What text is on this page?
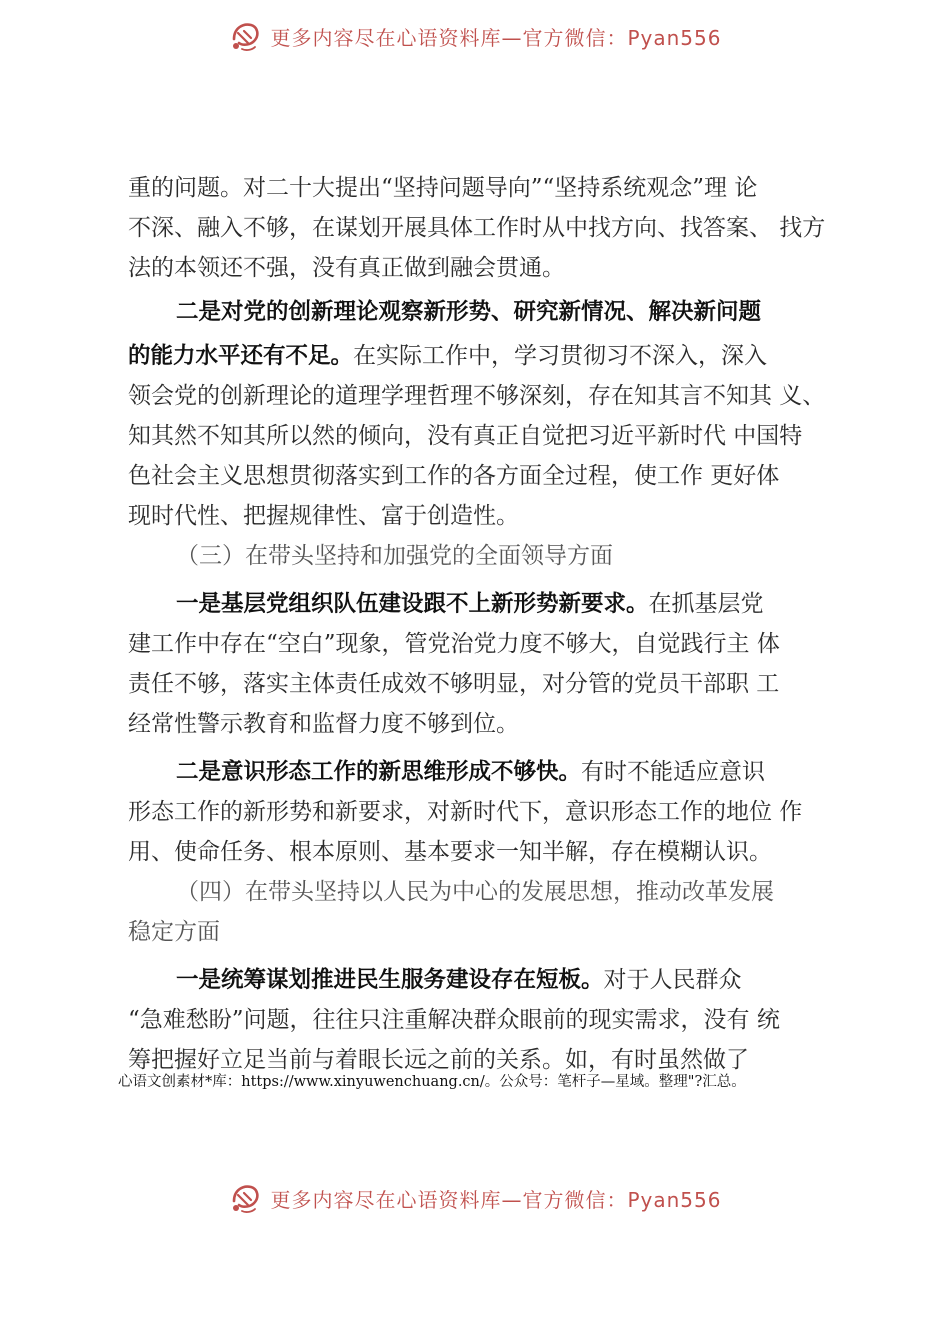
更多内容尽在心语资料库—官方微信：Pyan556
重的问题。对二十大提出“坚持问题导向”“坚持系统观念”理 论
不深、融入不够，在谋划开展具体工作时从中找方向、找答案、 找方
法的本领还不强，没有真正做到融会贯通。
二是对党的创新理论观察新形势、研究新情况、解决新问题
的能力水平还有不足。在实际工作中，学习贯彻习不深入，深入
领会党的创新理论的道理学理哲理不够深刻，存在知其言不知其 义、
知其然不知其所以然的倾向，没有真正自觉把习近平新时代 中国特
色社会主义思想贯彻落实到工作的各方面全过程，使工作 更好体
现时代性、把握规律性、富于创造性。
（三）在带头坚持和加强党的全面领导方面
一是基层党组织队伍建设跟不上新形势新要求。在抓基层党
建工作中存在“空白”现象，管党治党力度不够大，自觉践行主 体
责任不够，落实主体责任成效不够明显，对分管的党员干部职 工
经常性警示教育和监督力度不够到位。
二是意识形态工作的新思维形成不够快。有时不能适应意识
形态工作的新形势和新要求，对新时代下，意识形态工作的地位 作
用、使命任务、根本原则、基本要求一知半解，存在模糊认识。
（四）在带头坚持以人民为中心的发展思想，推动改革发展
稳定方面
一是统筹谋划推进民生服务建设存在短板。对于人民群众
“急难愁盼”问题，往往只注重解决群众眼前的现实需求，没有 统
筹把握好立足当前与着眼长远之前的关系。如，有时虽然做了
心语文创素材*库：https://www.xinyuwenchuang.cn/。公众号：笔杆子—星域。整理"?汇总。
更多内容尽在心语资料库—官方微信：Pyan556
